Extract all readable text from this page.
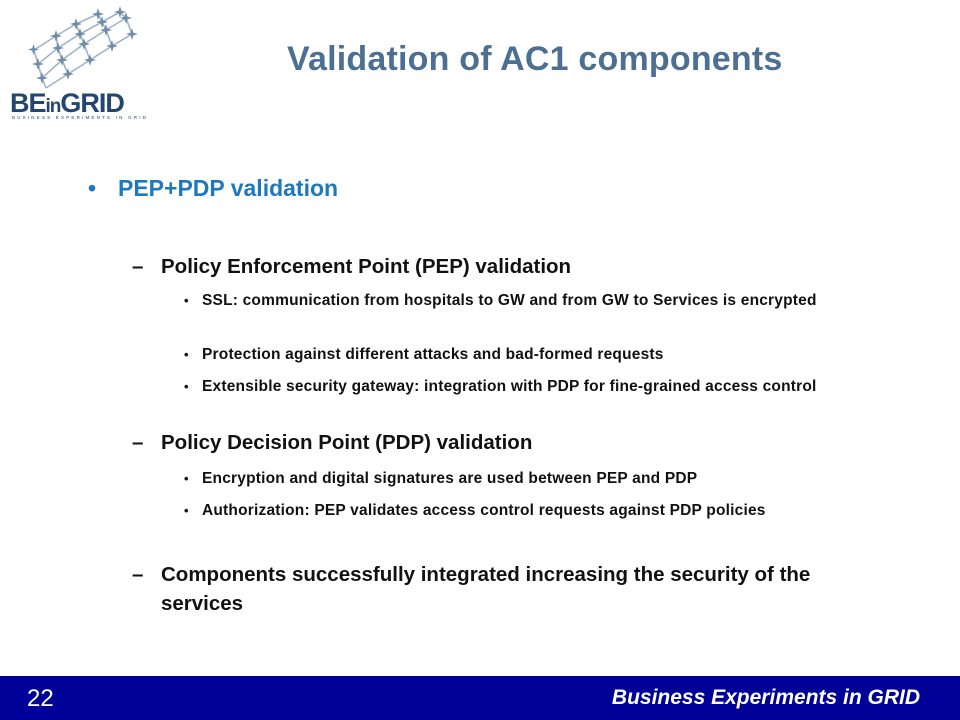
BEinGRID
BUSINESS EXPERIMENTS IN GRID
Validation of AC1 components
• PEP+PDP validation
– Policy Enforcement Point (PEP) validation
• SSL: communication from hospitals to GW and from GW to Services is encrypted
• Protection against different attacks and bad-formed requests
• Extensible security gateway: integration with PDP for fine-grained access control
– Policy Decision Point (PDP) validation
• Encryption and digital signatures are used between PEP and PDP
• Authorization: PEP validates access control requests against PDP policies
– Components successfully integrated increasing the security of the services
22	Business Experiments in GRID
